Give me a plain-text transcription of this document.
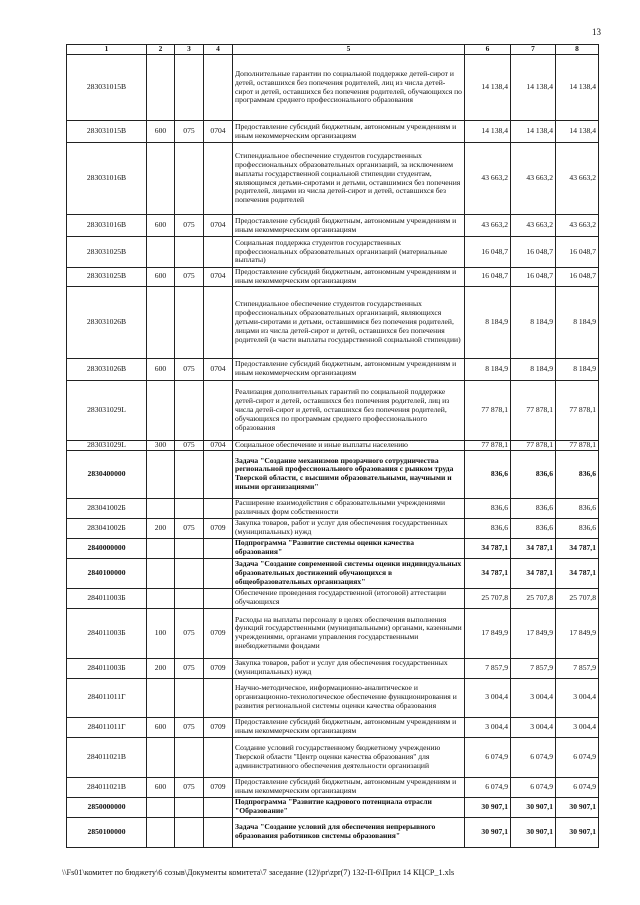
13
1	2	3	4	5	6	7	8
283031015B				Дополнительные гарантии по социальной поддержке детей-сирот и детей, оставшихся без попечения родителей, лиц из числа детей-сирот и детей, оставшихся без попечения родителей, обучающихся по программам среднего профессионального образования	14 138,4	14 138,4	14 138,4
283031015B	600	075	0704	Предоставление субсидий бюджетным, автономным учреждениям и иным некоммерческим организациям	14 138,4	14 138,4	14 138,4
283031016B				Стипендиальное обеспечение студентов государственных профессиональных образовательных организаций, за исключением выплаты государственной социальной стипендии студентам, являющимся детьми-сиротами и детьми, оставшимися без попечения родителей, лицами из числа детей-сирот и детей, оставшихся без попечения родителей	43 663,2	43 663,2	43 663,2
283031016B	600	075	0704	Предоставление субсидий бюджетным, автономным учреждениям и иным некоммерческим организациям	43 663,2	43 663,2	43 663,2
283031025B				Социальная поддержка студентов государственных профессиональных образовательных организаций (материальные выплаты)	16 048,7	16 048,7	16 048,7
283031025B	600	075	0704	Предоставление субсидий бюджетным, автономным учреждениям и иным некоммерческим организациям	16 048,7	16 048,7	16 048,7
283031026B				Стипендиальное обеспечение студентов государственных профессиональных образовательных организаций, являющихся детьми-сиротами и детьми, оставшимися без попечения родителей, лицами из числа детей-сирот и детей, оставшихся без попечения родителей (в части выплаты государственной социальной стипендии)	8 184,9	8 184,9	8 184,9
283031026B	600	075	0704	Предоставление субсидий бюджетным, автономным учреждениям и иным некоммерческим организациям	8 184,9	8 184,9	8 184,9
283031029L				Реализация дополнительных гарантий по социальной поддержке детей-сирот и детей, оставшихся без попечения родителей, лиц из числа детей-сирот и детей, оставшихся без попечения родителей, обучающихся по программам среднего профессионального образования	77 878,1	77 878,1	77 878,1
283031029L	300	075	0704	Социальное обеспечение и иные выплаты населению	77 878,1	77 878,1	77 878,1
2830400000				Задача "Создание механизмов прозрачного сотрудничества региональной профессионального образования с рынком труда Тверской области, с высшими образовательными, научными и иными организациями"	836,6	836,6	836,6
283041002Б				Расширение взаимодействия с образовательными учреждениями различных форм собственности	836,6	836,6	836,6
283041002Б	200	075	0709	Закупка товаров, работ и услуг для обеспечения государственных (муниципальных) нужд	836,6	836,6	836,6
2840000000				Подпрограмма "Развитие системы оценки качества образования"	34 787,1	34 787,1	34 787,1
2840100000				Задача "Создание современной системы оценки индивидуальных образовательных достижений обучающихся в общеобразовательных организациях"	34 787,1	34 787,1	34 787,1
284011003Б				Обеспечение проведения государственной (итоговой) аттестации обучающихся	25 707,8	25 707,8	25 707,8
284011003Б	100	075	0709	Расходы на выплаты персоналу в целях обеспечения выполнения функций государственными (муниципальными) органами, казенными учреждениями, органами управления государственными внебюджетными фондами	17 849,9	17 849,9	17 849,9
284011003Б	200	075	0709	Закупка товаров, работ и услуг для обеспечения государственных (муниципальных) нужд	7 857,9	7 857,9	7 857,9
284011011Г				Научно-методическое, информационно-аналитическое и организационно-технологическое обеспечение функционирования и развития региональной системы оценки качества образования	3 004,4	3 004,4	3 004,4
284011011Г	600	075	0709	Предоставление субсидий бюджетным, автономным учреждениям и иным некоммерческим организациям	3 004,4	3 004,4	3 004,4
284011021B				Создание условий государственному бюджетному учреждению Тверской области "Центр оценки качества образования" для административного обеспечения деятельности организаций	6 074,9	6 074,9	6 074,9
284011021B	600	075	0709	Предоставление субсидий бюджетным, автономным учреждениям и иным некоммерческим организациям	6 074,9	6 074,9	6 074,9
2850000000				Подпрограмма "Развитие кадрового потенциала отрасли "Образование"	30 907,1	30 907,1	30 907,1
2850100000				Задача "Создание условий для обеспечения непрерывного образования работников системы образования"	30 907,1	30 907,1	30 907,1
\\Fs01\комитет по бюджету\6 созыв\Документы комитета\7 заседание (12)\pr\zpr(7) 132-П-6\Прил 14 КЦСР_1.xls
